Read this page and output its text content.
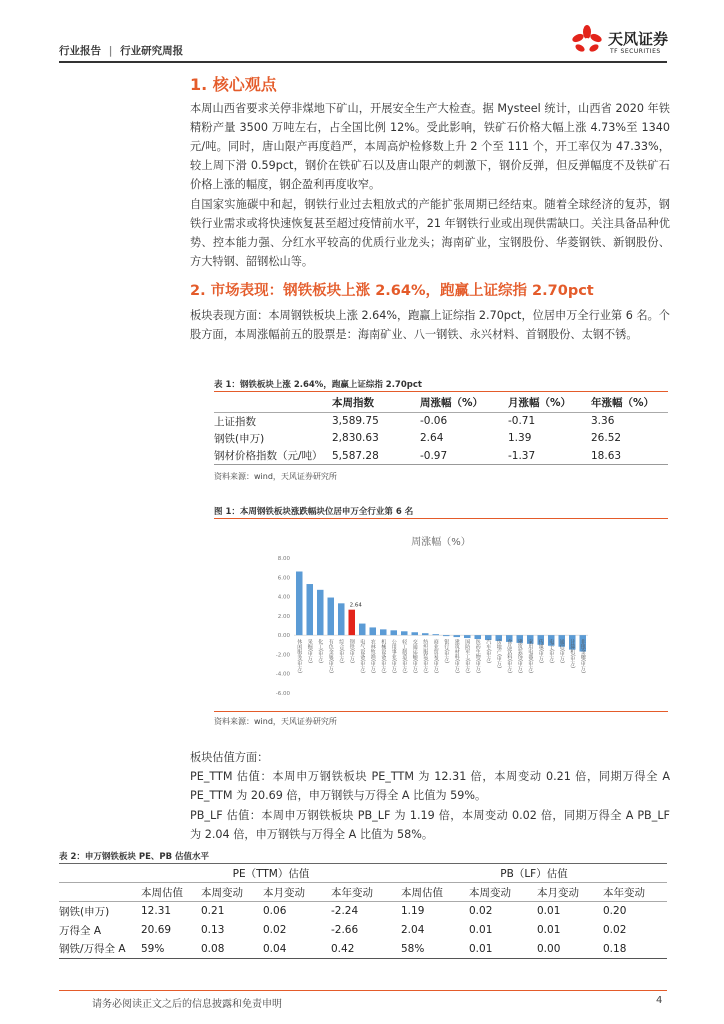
行业报告 | 行业研究周报
天风证券
TF SECURITIES
1. 核心观点
本周山西省要求关停非煤地下矿山，开展安全生产大检查。据 Mysteel 统计，山西省 2020 年铁精粉产量 3500 万吨左右，占全国比例 12%。受此影响，铁矿石价格大幅上涨 4.73%至 1340 元/吨。同时，唐山限产再度趋严，本周高炉检修数上升 2 个至 111 个，开工率仅为 47.33%，较上周下滑 0.59pct，钢价在铁矿石以及唐山限产的刺激下，钢价反弹，但反弹幅度不及铁矿石价格上涨的幅度，钢企盈利再度收窄。
自国家实施碳中和起，钢铁行业过去粗放式的产能扩张周期已经结束。随着全球经济的复苏，钢铁行业需求或将快速恢复甚至超过疫情前水平，21 年钢铁行业或出现供需缺口。关注具备品种优势、控本能力强、分红水平较高的优质行业龙头；海南矿业，宝钢股份、华菱钢铁、新钢股份、方大特钢、韶钢松山等。
2. 市场表现：钢铁板块上涨 2.64%，跑赢上证综指 2.70pct
板块表现方面：本周钢铁板块上涨 2.64%，跑赢上证综指 2.70pct，位居申万全行业第 6 名。个股方面，本周涨幅前五的股票是：海南矿业、八一钢铁、永兴材料、首钢股份、太钢不锈。
表 1：钢铁板块上涨 2.64%，跑赢上证综指 2.70pct
	本周指数	周涨幅（%）	月涨幅（%）	年涨幅（%）
上证指数	3,589.75	-0.06	-0.71	3.36
钢铁(申万)	2,830.63	2.64	1.39	26.52
钢材价格指数（元/吨）	5,587.28	-0.97	-1.37	18.63
资料来源：wind，天风证券研究所
图 1：本周钢铁板块涨跌幅块位居申万全行业第 6 名
周涨幅（%）
8.00
6.00
4.00
2.00
0.00
-2.00
-4.00
-6.00
2.64
休闲服务(申万) 采掘(申万) 化工(申万) 有色金属(申万) 综合(申万) 钢铁(申万) 电气设备(申万) 农林牧渔(申万) 机械设备(申万) 公用事业(申万) 轻工制造(申万) 交通运输(申万) 纺织服装(申万) 商业贸易(申万) 银行(申万) 建筑材料(申万) 国防军工(申万) 医药生物(申万) 汽车(申万) 房地产(申万) 食品饮料(申万) 建筑装饰(申万) 家用电器(申万) 传媒(申万) 电子(申万) 通信(申万) 计算机(申万) 非银金融(申万)
资料来源：wind，天风证券研究所
板块估值方面：
PE_TTM 估值：本周申万钢铁板块 PE_TTM 为 12.31 倍，本周变动 0.21 倍，同期万得全 A PE_TTM 为 20.69 倍，申万钢铁与万得全 A 比值为 59%。
PB_LF 估值：本周申万钢铁板块 PB_LF 为 1.19 倍，本周变动 0.02 倍，同期万得全 A PB_LF 为 2.04 倍，申万钢铁与万得全 A 比值为 58%。
表 2：申万钢铁板块 PE、PB 估值水平
	PE（TTM）估值				PB（LF）估值			
	本周估值	本周变动	本月变动	本年变动	本周估值	本周变动	本月变动	本年变动
钢铁(申万)	12.31	0.21	0.06	-2.24	1.19	0.02	0.01	0.20
万得全 A	20.69	0.13	0.02	-2.66	2.04	0.01	0.01	0.02
钢铁/万得全 A	59%	0.08	0.04	0.42	58%	0.01	0.00	0.18
请务必阅读正文之后的信息披露和免责申明	4
